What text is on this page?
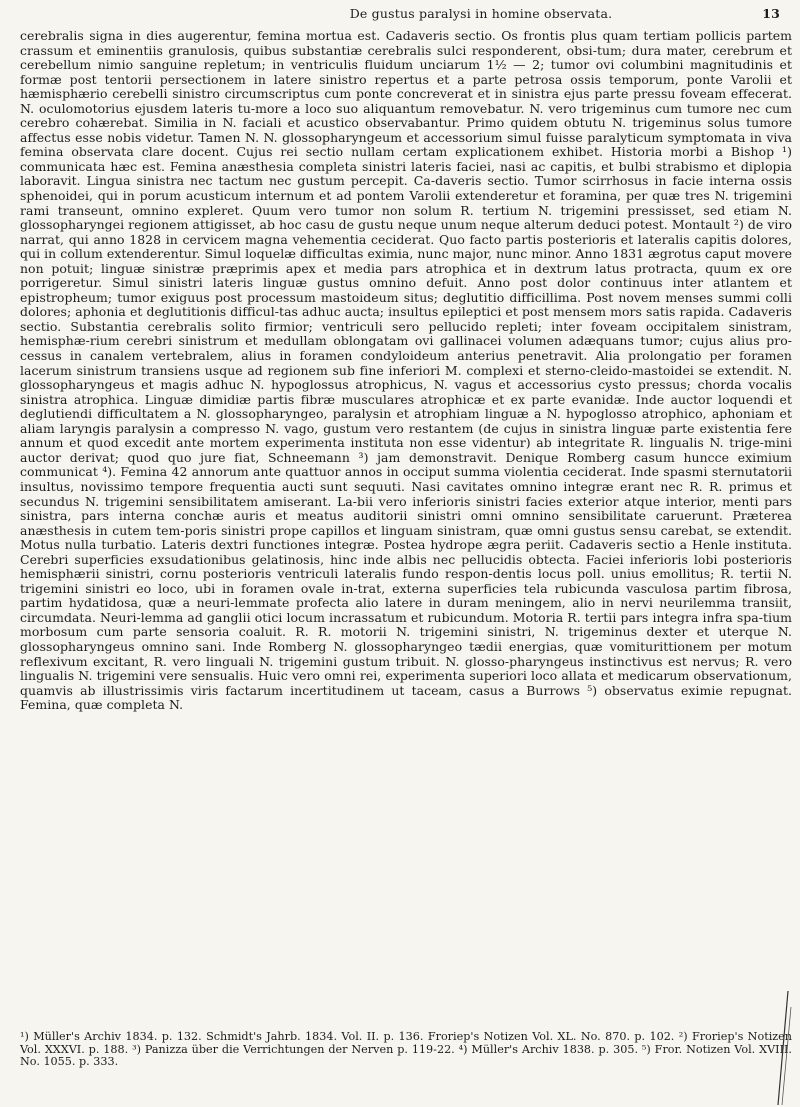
De gustus paralysi in homine observata.	13

cerebralis signa in dies augerentur, femina mortua est. Cadaveris sectio. Os frontis plus quam tertiam pollicis partem crassum et eminentiis granulosis, quibus substantiæ cerebralis sulci responderent, obsi-tum; dura mater, cerebrum et cerebellum nimio sanguine repletum; in ventriculis fluidum unciarum 1½ — 2; tumor ovi columbini magnitudinis et formæ post tentorii persectionem in latere sinistro repertus et a parte petrosa ossis temporum, ponte Varolii et hæmisphærio cerebelli sinistro circumscriptus cum ponte concreverat et in sinistra ejus parte pressu foveam effecerat. N. oculomotorius ejusdem lateris tu-more a loco suo aliquantum removebatur. N. vero trigeminus cum tumore nec cum cerebro cohærebat. Similia in N. faciali et acustico observabantur. Primo quidem obtutu N. trigeminus solus tumore affectus esse nobis videtur. Tamen N. N. glossopharyngeum et accessorium simul fuisse paralyticum symptomata in viva femina observata clare docent. Cujus rei sectio nullam certam explicationem exhibet. Historia morbi a Bishop ¹) communicata hæc est. Femina anæsthesia completa sinistri lateris faciei, nasi ac capitis, et bulbi strabismo et diplopia laboravit. Lingua sinistra nec tactum nec gustum percepit. Ca-daveris sectio. Tumor scirrhosus in facie interna ossis sphenoidei, qui in porum acusticum internum et ad pontem Varolii extenderetur et foramina, per quæ tres N. trigemini rami transeunt, omnino expleret. Quum vero tumor non solum R. tertium N. trigemini pressisset, sed etiam N. glossopharyngei regionem attigisset, ab hoc casu de gustu neque unum neque alterum deduci potest. Montault ²) de viro narrat, qui anno 1828 in cervicem magna vehementia ceciderat. Quo facto partis posterioris et lateralis capitis dolores, qui in collum extenderentur. Simul loquelæ difficultas eximia, nunc major, nunc minor. Anno 1831 ægrotus caput movere non potuit; linguæ sinistræ præprimis apex et media pars atrophica et in dextrum latus protracta, quum ex ore porrigeretur. Simul sinistri lateris linguæ gustus omnino defuit. Anno post dolor continuus inter atlantem et epistropheum; tumor exiguus post processum mastoideum situs; deglutitio difficillima. Post novem menses summi colli dolores; aphonia et deglutitionis difficul-tas adhuc aucta; insultus epileptici et post mensem mors satis rapida. Cadaveris sectio. Substantia cerebralis solito firmior; ventriculi sero pellucido repleti; inter foveam occipitalem sinistram, hemisphæ-rium cerebri sinistrum et medullam oblongatam ovi gallinacei volumen adæquans tumor; cujus alius pro-cessus in canalem vertebralem, alius in foramen condyloideum anterius penetravit. Alia prolongatio per foramen lacerum sinistrum transiens usque ad regionem sub fine inferiori M. complexi et sterno-cleido-mastoidei se extendit. N. glossopharyngeus et magis adhuc N. hypoglossus atrophicus, N. vagus et accessorius cysto pressus; chorda vocalis sinistra atrophica. Linguæ dimidiæ partis fibræ musculares atrophicæ et ex parte evanidæ. Inde auctor loquendi et deglutiendi difficultatem a N. glossopharyngeo, paralysin et atrophiam linguæ a N. hypoglosso atrophico, aphoniam et aliam laryngis paralysin a compresso N. vago, gustum vero restantem (de cujus in sinistra linguæ parte existentia fere annum et quod excedit ante mortem experimenta instituta non esse videntur) ab integritate R. lingualis N. trige-mini auctor derivat; quod quo jure fiat, Schneemann ³) jam demonstravit. Denique Romberg casum huncce eximium communicat ⁴). Femina 42 annorum ante quattuor annos in occiput summa violentia ceciderat. Inde spasmi sternutatorii insultus, novissimo tempore frequentia aucti sunt sequuti. Nasi cavitates omnino integræ erant nec R. R. primus et secundus N. trigemini sensibilitatem amiserant. La-bii vero inferioris sinistri facies exterior atque interior, menti pars sinistra, pars interna conchæ auris et meatus auditorii sinistri omni omnino sensibilitate caruerunt. Præterea anæsthesis in cutem tem-poris sinistri prope capillos et linguam sinistram, quæ omni gustus sensu carebat, se extendit. Motus nulla turbatio. Lateris dextri functiones integræ. Postea hydrope ægra periit. Cadaveris sectio a Henle instituta. Cerebri superficies exsudationibus gelatinosis, hinc inde albis nec pellucidis obtecta. Faciei inferioris lobi posterioris hemisphærii sinistri, cornu posterioris ventriculi lateralis fundo respon-dentis locus poll. unius emollitus; R. tertii N. trigemini sinistri eo loco, ubi in foramen ovale in-trat, externa superficies tela rubicunda vasculosa partim fibrosa, partim hydatidosa, quæ a neuri-lemmate profecta alio latere in duram meningem, alio in nervi neurilemma transiit, circumdata. Neuri-lemma ad ganglii otici locum incrassatum et rubicundum. Motoria R. tertii pars integra infra spa-tium morbosum cum parte sensoria coaluit. R. R. motorii N. trigemini sinistri, N. trigeminus dexter et uterque N. glossopharyngeus omnino sani. Inde Romberg N. glossopharyngeo tædii energias, quæ vomiturittionem per motum reflexivum excitant, R. vero linguali N. trigemini gustum tribuit. N. glosso-pharyngeus instinctivus est nervus; R. vero lingualis N. trigemini vere sensualis. Huic vero omni rei, experimenta superiori loco allata et medicarum observationum, quamvis ab illustrissimis viris factarum incertitudinem ut taceam, casus a Burrows ⁵) observatus eximie repugnat. Femina, quæ completa N.

¹) Müller's Archiv 1834. p. 132. Schmidt's Jahrb. 1834. Vol. II. p. 136. Froriep's Notizen Vol. XL. No. 870. p. 102. ²) Froriep's Notizen Vol. XXXVI. p. 188. ³) Panizza über die Verrichtungen der Nerven p. 119-22. ⁴) Müller's Archiv 1838. p. 305. ⁵) Fror. Notizen Vol. XVIII. No. 1055. p. 333.
